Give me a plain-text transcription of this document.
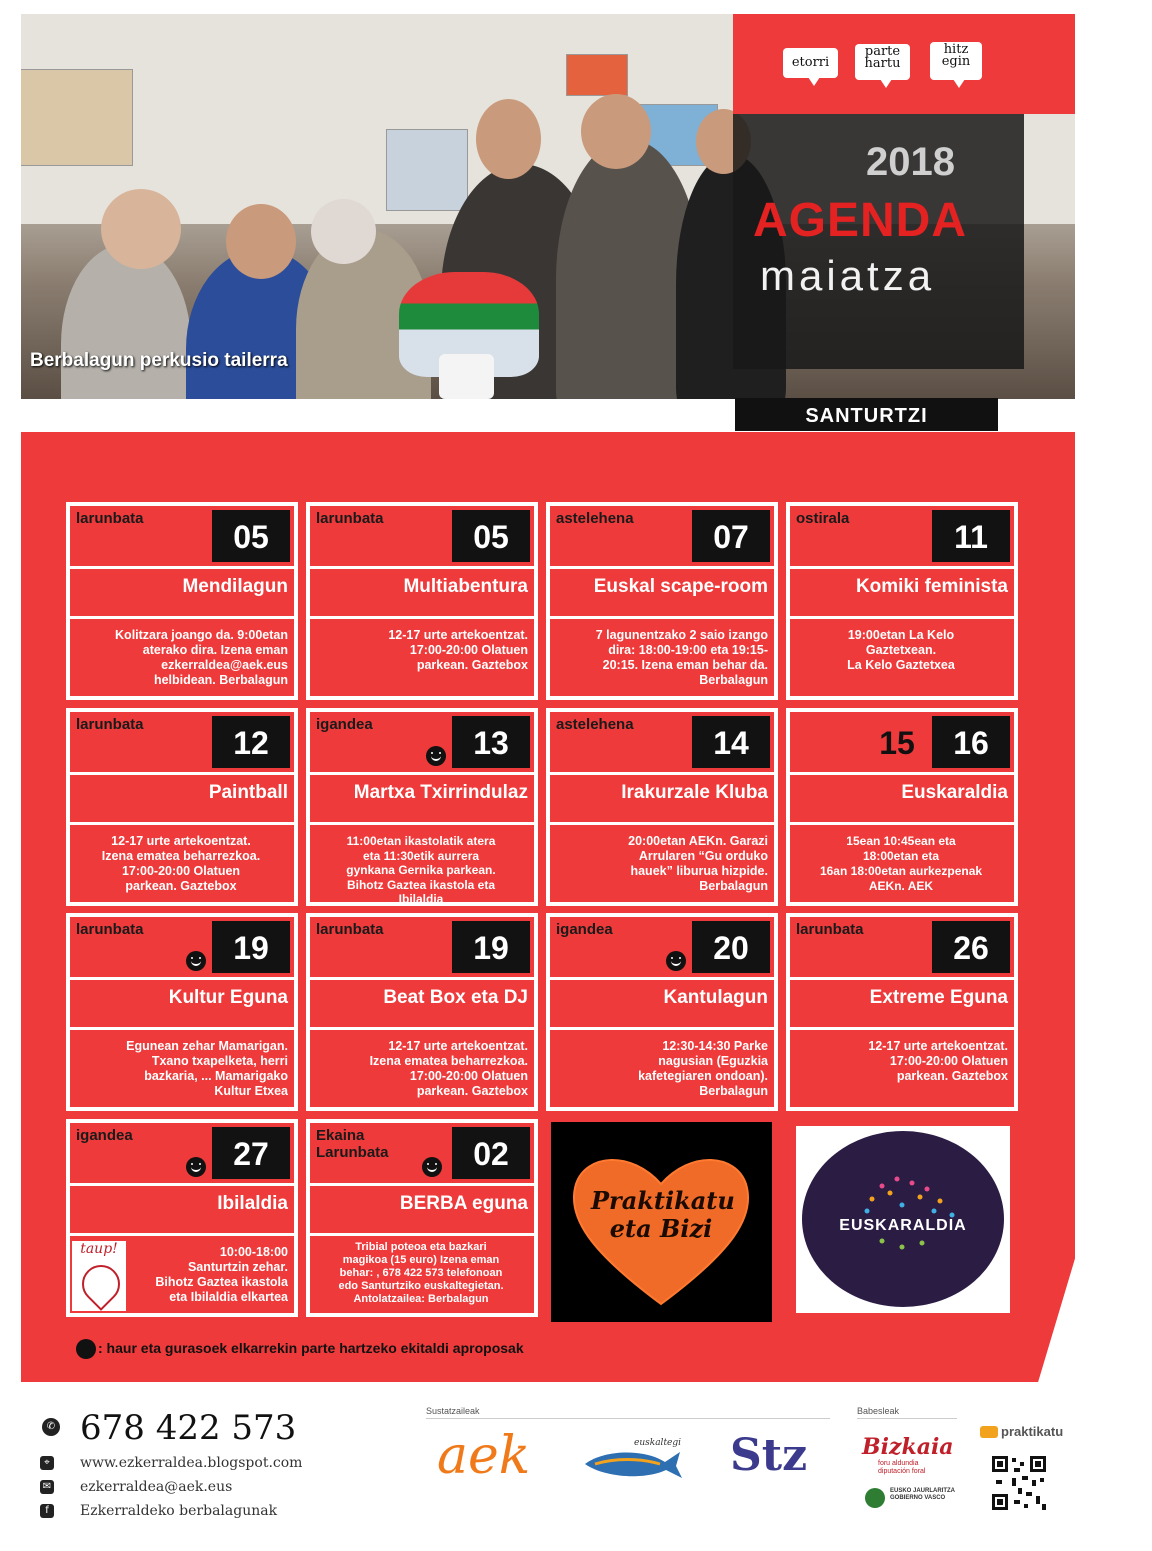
Berbalagun perkusio tailerra
etorri
parte
hartu
hitz
egin
2018
AGENDA
maiatza
SANTURTZI
larunbata
05
Mendilagun
Kolitzara joango da. 9:00etan
aterako dira. Izena eman
ezkerraldea@aek.eus
helbidean. Berbalagun
larunbata
05
Multiabentura
12-17 urte artekoentzat.
17:00-20:00 Olatuen
parkean. Gaztebox
astelehena
07
Euskal scape-room
7 lagunentzako 2 saio izango
dira: 18:00-19:00 eta 19:15-
20:15. Izena eman behar da.
Berbalagun
ostirala
11
Komiki feminista
19:00etan La Kelo
Gaztetxean.
La Kelo Gaztetxea
larunbata
12
Paintball
12-17 urte artekoentzat.
Izena ematea beharrezkoa.
17:00-20:00 Olatuen
parkean. Gaztebox
igandea
13
Martxa Txirrindulaz
11:00etan ikastolatik atera
eta 11:30etik aurrera
gynkana Gernika parkean.
Bihotz Gaztea ikastola eta
Ibilaldia
astelehena
14
Irakurzale Kluba
20:00etan AEKn. Garazi
Arrularen “Gu orduko
hauek” liburua hizpide.
Berbalagun
15	16
Euskaraldia
15ean 10:45ean eta
18:00etan eta
16an 18:00etan aurkezpenak
AEKn. AEK
larunbata
19
Kultur Eguna
Egunean zehar Mamarigan.
Txano txapelketa, herri
bazkaria, ... Mamarigako
Kultur Etxea
larunbata
19
Beat Box eta DJ
12-17 urte artekoentzat.
Izena ematea beharrezkoa.
17:00-20:00 Olatuen
parkean. Gaztebox
igandea
20
Kantulagun
12:30-14:30 Parke
nagusian (Eguzkia
kafetegiaren ondoan).
Berbalagun
larunbata
26
Extreme Eguna
12-17 urte artekoentzat.
17:00-20:00 Olatuen
parkean. Gaztebox
igandea
27
Ibilaldia
taup!	10:00-18:00
Santurtzin zehar.
Bihotz Gaztea ikastola
eta Ibilaldia elkartea
Ekaina
Larunbata	02
BERBA eguna
Tribial poteoa eta bazkari
magikoa (15 euro) Izena eman
behar: , 678 422 573 telefonoan
edo Santurtziko euskaltegietan.
Antolatzailea: Berbalagun
Praktikatu eta Bizi	EUSKARALDIA
: haur eta gurasoek elkarrekin parte hartzeko ekitaldi aproposak
✆ 678 422 573
⌖ www.ezkerraldea.blogspot.com
✉ ezkerraldea@aek.eus
f	Ezkerraldeko berbalagunak
Sustatzaileak	Babesleak
aek	euskaltegi Stz Bizkaia
foru aldundia
diputación foral
EUSKO JAURLARITZA
GOBIERNO VASCO
praktikatu
